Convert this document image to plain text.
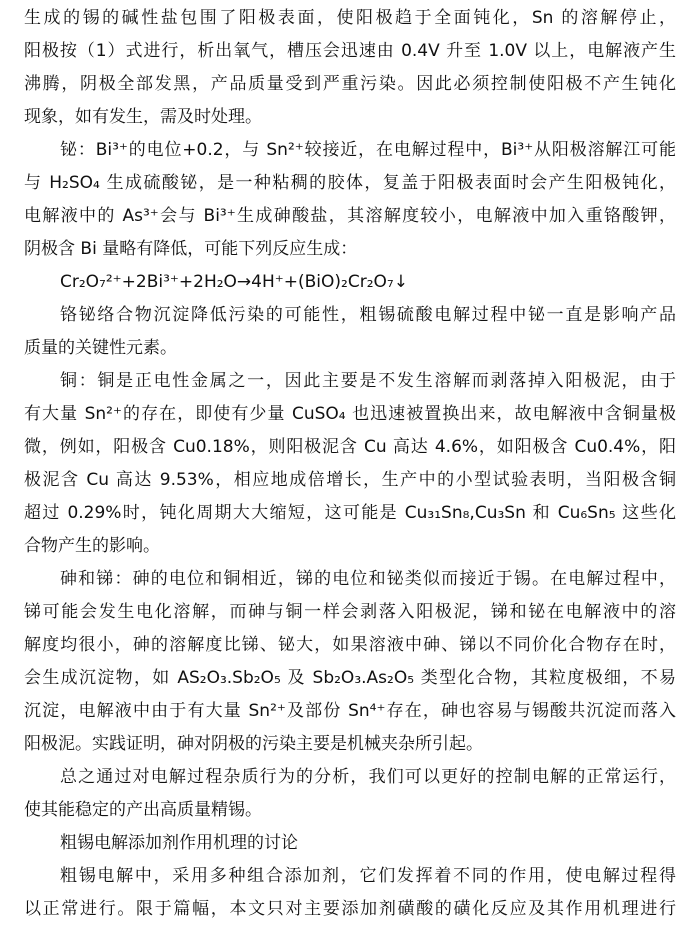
生成的锡的碱性盐包围了阳极表面，使阳极趋于全面钝化，Sn 的溶解停止，
阳极按（1）式进行，析出氧气，槽压会迅速由 0.4V 升至 1.0V 以上，电解液产生
沸腾，阴极全部发黑，产品质量受到严重污染。因此必须控制使阳极不产生钝化
现象，如有发生，需及时处理。
铋：Bi³⁺的电位+0.2，与 Sn²⁺较接近，在电解过程中，Bi³⁺从阳极溶解江可能
与 H₂SO₄ 生成硫酸铋，是一种粘稠的胶体，复盖于阳极表面时会产生阳极钝化，
电解液中的 As³⁺会与 Bi³⁺生成砷酸盐，其溶解度较小，电解液中加入重铬酸钾，
阴极含 Bi 量略有降低，可能下列反应生成：
Cr₂O₇²⁺+2Bi³⁺+2H₂O→4H⁺+(BiO)₂Cr₂O₇↓
铬铋络合物沉淀降低污染的可能性，粗锡硫酸电解过程中铋一直是影响产品
质量的关键性元素。
铜：铜是正电性金属之一，因此主要是不发生溶解而剥落掉入阳极泥，由于
有大量 Sn²⁺的存在，即使有少量 CuSO₄ 也迅速被置换出来，故电解液中含铜量极
微，例如，阳极含 Cu0.18%，则阳极泥含 Cu 高达 4.6%，如阳极含 Cu0.4%，阳
极泥含 Cu 高达 9.53%，相应地成倍增长，生产中的小型试验表明，当阳极含铜
超过 0.29%时，钝化周期大大缩短，这可能是 Cu₃₁Sn₈,Cu₃Sn 和 Cu₆Sn₅ 这些化
合物产生的影响。
砷和锑：砷的电位和铜相近，锑的电位和铋类似而接近于锡。在电解过程中，
锑可能会发生电化溶解，而砷与铜一样会剥落入阳极泥，锑和铋在电解液中的溶
解度均很小，砷的溶解度比锑、铋大，如果溶液中砷、锑以不同价化合物存在时，
会生成沉淀物，如 AS₂O₃.Sb₂O₅ 及 Sb₂O₃.As₂O₅ 类型化合物，其粒度极细，不易
沉淀，电解液中由于有大量 Sn²⁺及部份 Sn⁴⁺存在，砷也容易与锡酸共沉淀而落入
阳极泥。实践证明，砷对阴极的污染主要是机械夹杂所引起。
总之通过对电解过程杂质行为的分析，我们可以更好的控制电解的正常运行，
使其能稳定的产出高质量精锡。
粗锡电解添加剂作用机理的讨论
粗锡电解中，采用多种组合添加剂，它们发挥着不同的作用，使电解过程得
以正常进行。限于篇幅，本文只对主要添加剂磺酸的磺化反应及其作用机理进行
